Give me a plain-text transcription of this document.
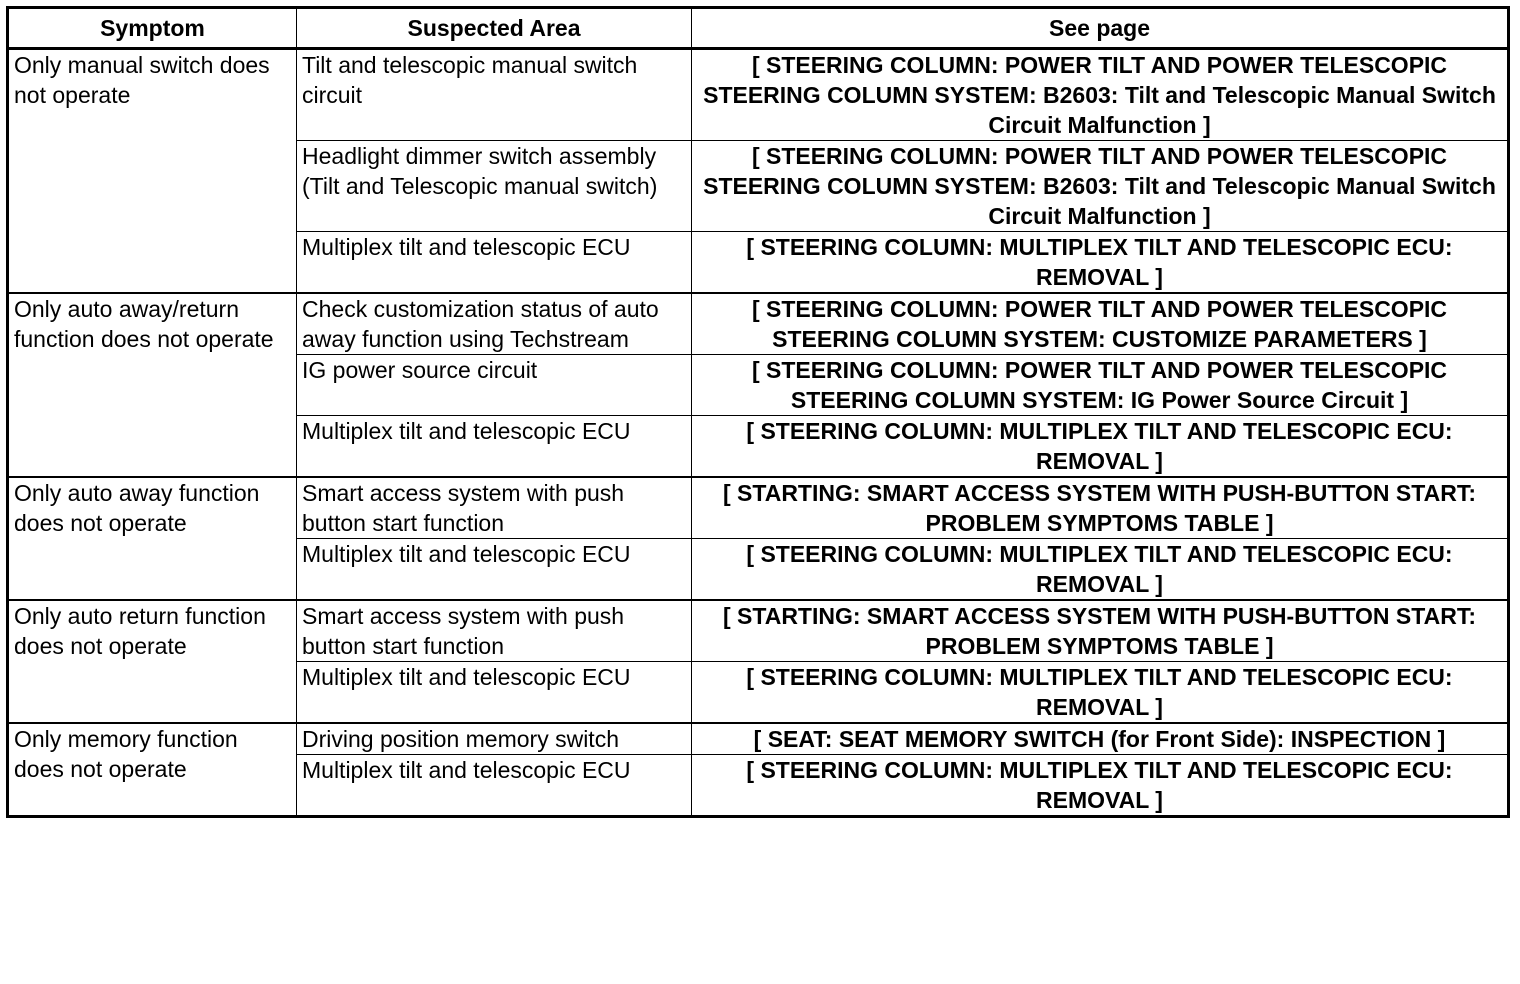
Symptom	Suspected Area	See page
Only manual switch does not operate	Tilt and telescopic manual switch circuit	[ STEERING COLUMN: POWER TILT AND POWER TELESCOPIC STEERING COLUMN SYSTEM: B2603: Tilt and Telescopic Manual Switch Circuit Malfunction ]
	Headlight dimmer switch assembly (Tilt and Telescopic manual switch)	[ STEERING COLUMN: POWER TILT AND POWER TELESCOPIC STEERING COLUMN SYSTEM: B2603: Tilt and Telescopic Manual Switch Circuit Malfunction ]
	Multiplex tilt and telescopic ECU	[ STEERING COLUMN: MULTIPLEX TILT AND TELESCOPIC ECU: REMOVAL ]
Only auto away/return function does not operate	Check customization status of auto away function using Techstream	[ STEERING COLUMN: POWER TILT AND POWER TELESCOPIC STEERING COLUMN SYSTEM: CUSTOMIZE PARAMETERS ]
	IG power source circuit	[ STEERING COLUMN: POWER TILT AND POWER TELESCOPIC STEERING COLUMN SYSTEM: IG Power Source Circuit ]
	Multiplex tilt and telescopic ECU	[ STEERING COLUMN: MULTIPLEX TILT AND TELESCOPIC ECU: REMOVAL ]
Only auto away function does not operate	Smart access system with push button start function	[ STARTING: SMART ACCESS SYSTEM WITH PUSH-BUTTON START: PROBLEM SYMPTOMS TABLE ]
	Multiplex tilt and telescopic ECU	[ STEERING COLUMN: MULTIPLEX TILT AND TELESCOPIC ECU: REMOVAL ]
Only auto return function does not operate	Smart access system with push button start function	[ STARTING: SMART ACCESS SYSTEM WITH PUSH-BUTTON START: PROBLEM SYMPTOMS TABLE ]
	Multiplex tilt and telescopic ECU	[ STEERING COLUMN: MULTIPLEX TILT AND TELESCOPIC ECU: REMOVAL ]
Only memory function does not operate	Driving position memory switch	[ SEAT: SEAT MEMORY SWITCH (for Front Side): INSPECTION ]
	Multiplex tilt and telescopic ECU	[ STEERING COLUMN: MULTIPLEX TILT AND TELESCOPIC ECU: REMOVAL ]
